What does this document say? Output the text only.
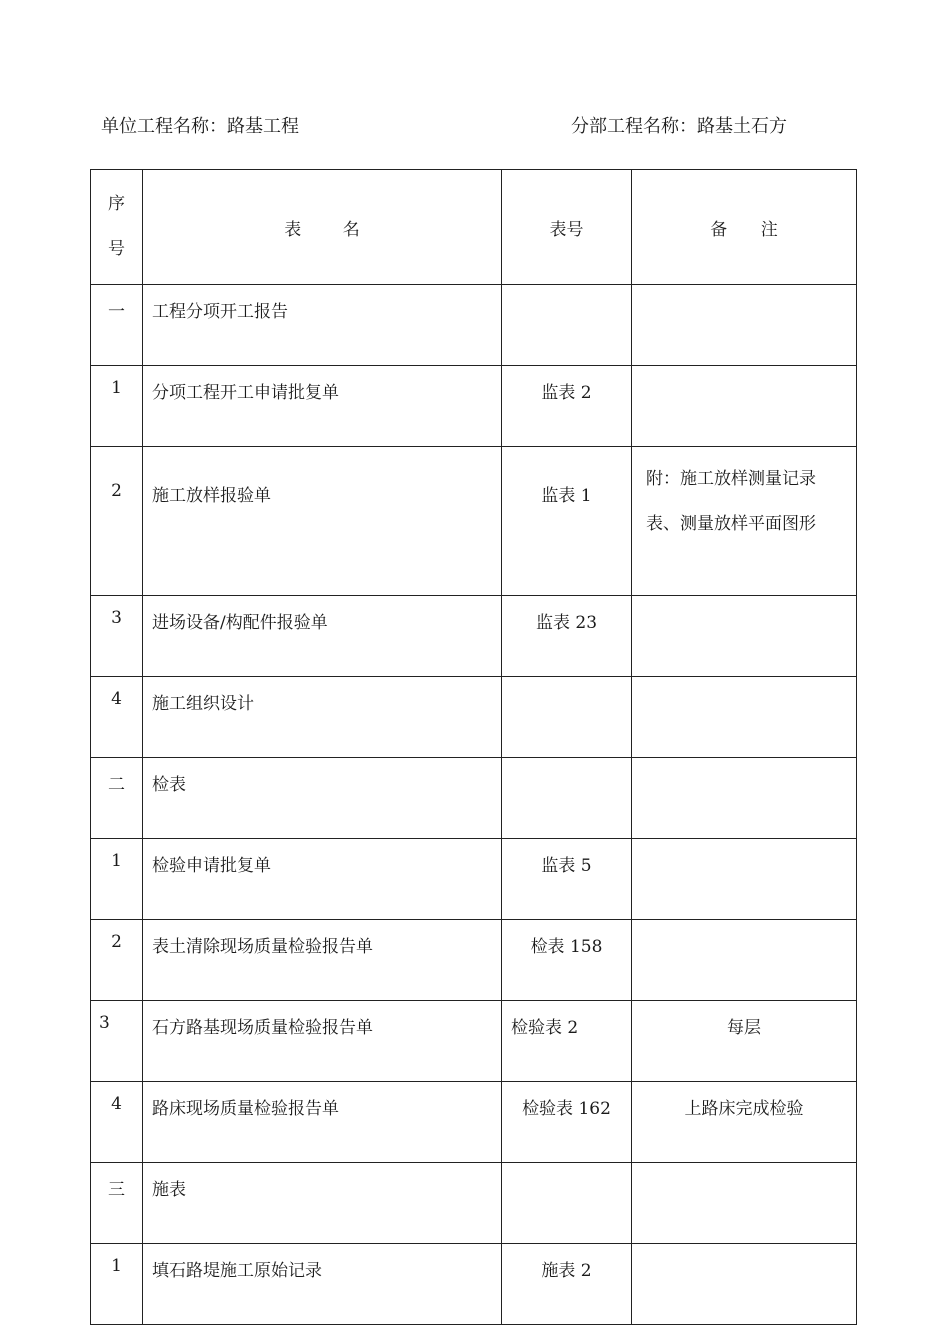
单位工程名称：路基工程	分部工程名称：路基土石方
序
号	表 名	表号	备 注
一	工程分项开工报告		
1	分项工程开工申请批复单	监表 2	
2	施工放样报验单	监表 1	附：施工放样测量记录表、测量放样平面图形
3	进场设备/构配件报验单	监表 23	
4	施工组织设计		
二	检表		
1	检验申请批复单	监表 5	
2	表土清除现场质量检验报告单	检表 158	
3	石方路基现场质量检验报告单	检验表 2	每层
4	路床现场质量检验报告单	检验表 162	上路床完成检验
三	施表		
1	填石路堤施工原始记录	施表 2	
